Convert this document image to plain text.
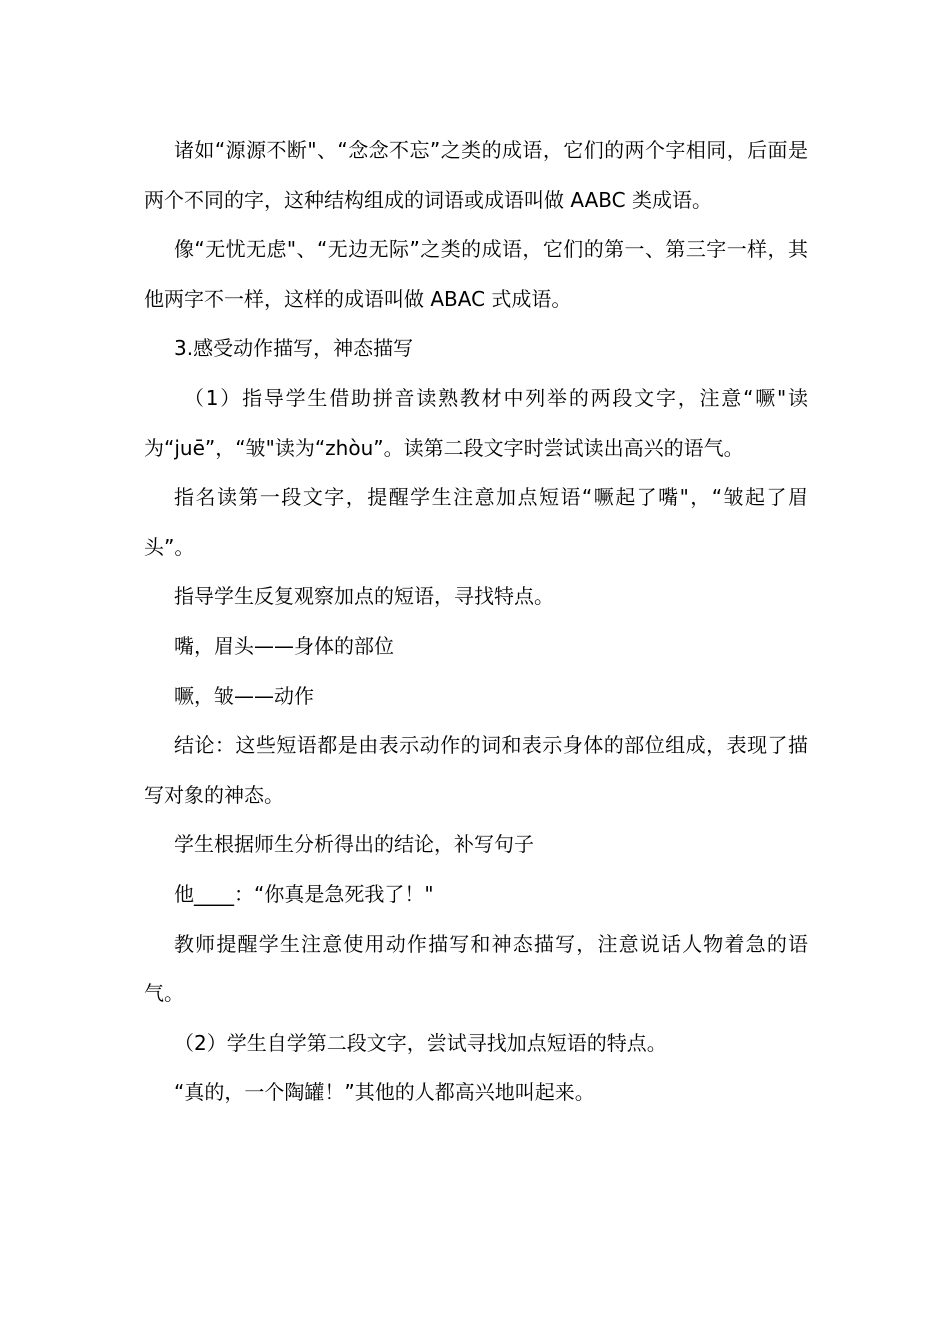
诸如“源源不断"、“念念不忘”之类的成语，它们的两个字相同，后面是两个不同的字，这种结构组成的词语或成语叫做 AABC 类成语。

像“无忧无虑"、“无边无际”之类的成语，它们的第一、第三字一样，其他两字不一样，这样的成语叫做 ABAC 式成语。

3.感受动作描写，神态描写

（1）指导学生借助拼音读熟教材中列举的两段文字，注意“噘"读为“juē”，“皱"读为“zhòu”。读第二段文字时尝试读出高兴的语气。

指名读第一段文字，提醒学生注意加点短语“噘起了嘴"，“皱起了眉头”。

指导学生反复观察加点的短语，寻找特点。

嘴，眉头——身体的部位

噘，皱——动作

结论：这些短语都是由表示动作的词和表示身体的部位组成，表现了描写对象的神态。

学生根据师生分析得出的结论，补写句子

他____：“你真是急死我了！"

教师提醒学生注意使用动作描写和神态描写，注意说话人物着急的语气。

（2）学生自学第二段文字，尝试寻找加点短语的特点。

“真的，一个陶罐！”其他的人都高兴地叫起来。
